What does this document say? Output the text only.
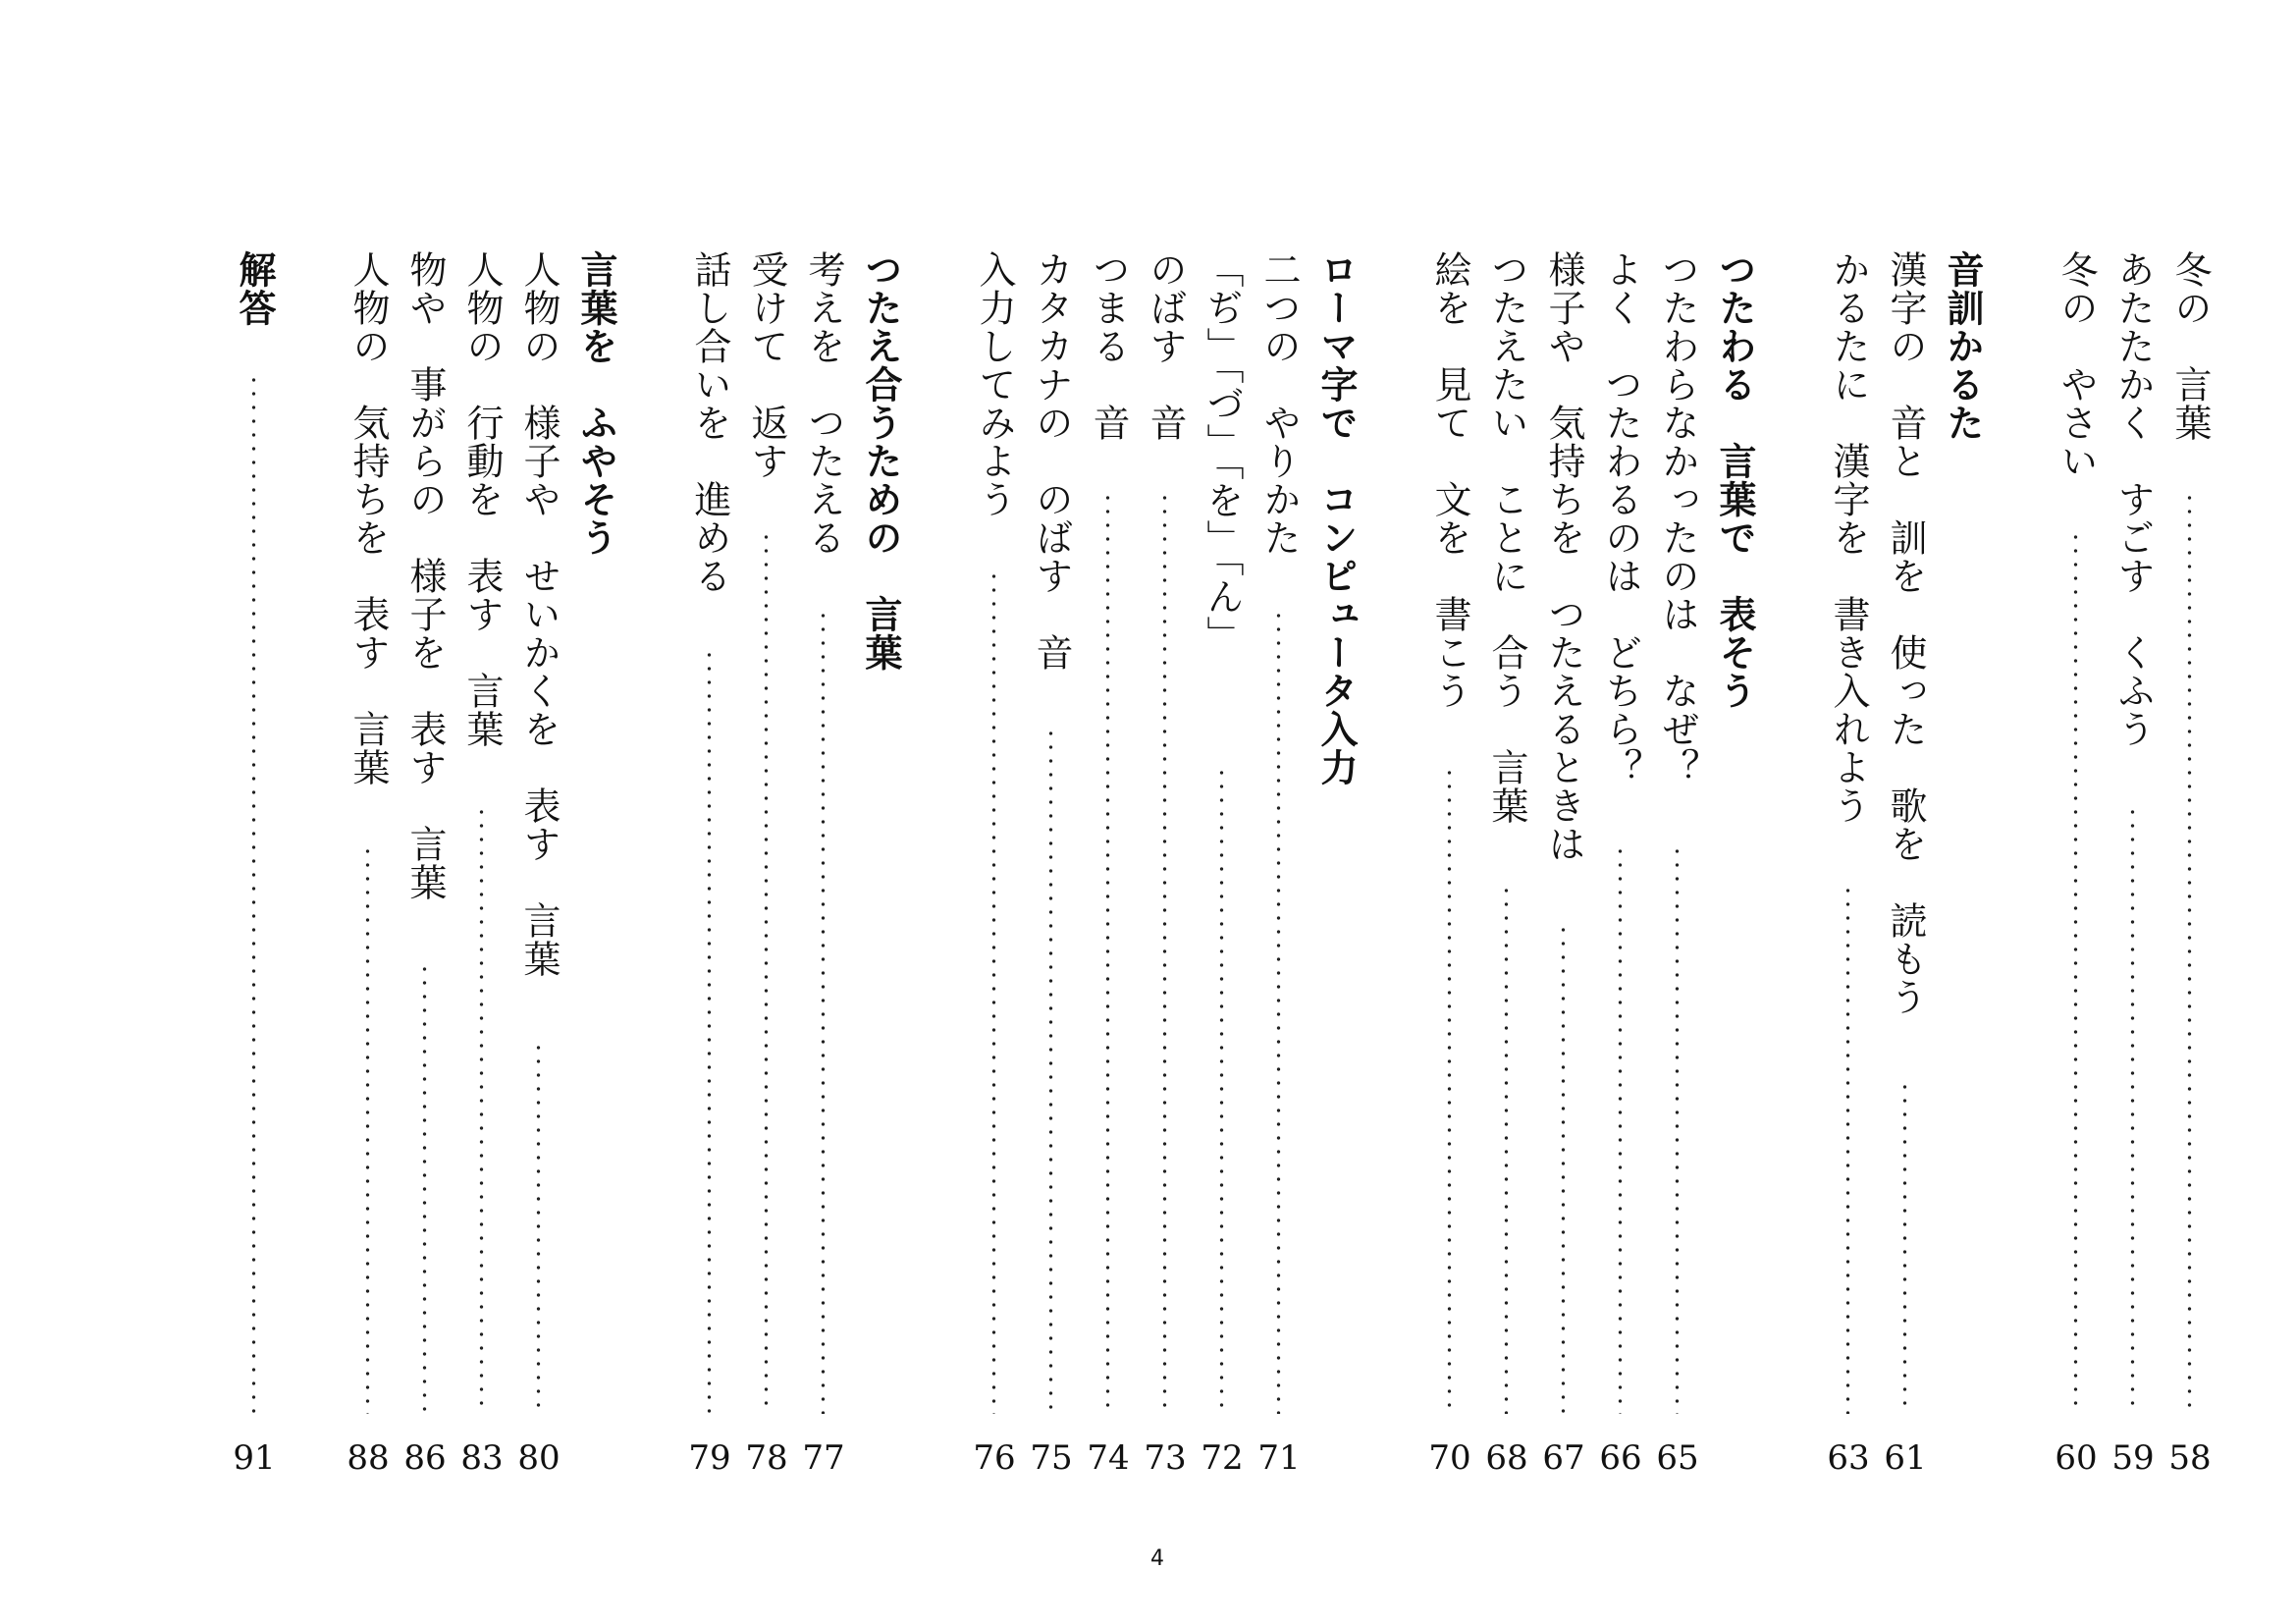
冬の　言葉
58
あたたかく　すごす　くふう
59
冬の　やさい
60
音訓かるた
漢字の　音と　訓を　使った　歌を　読もう
61
かるたに　漢字を　書き入れよう
63
つたわる　言葉で　表そう
つたわらなかったのは　なぜ？
65
よく　つたわるのは　どちら？
66
様子や　気持ちを　つたえるときは
67
つたえたい　ことに　合う　言葉
68
絵を　見て　文を　書こう
70
ローマ字で　コンピュータ入力
二つの　やりかた
71
「ぢ」「づ」「を」「ん」
72
のばす　音
73
つまる　音
74
カタカナの　のばす　音
75
入力してみよう
76
つたえ合うための　言葉
考えを　つたえる
77
受けて　返す
78
話し合いを　進める
79
言葉を　ふやそう
人物の　様子や　せいかくを　表す　言葉
80
人物の　行動を　表す　言葉
83
物や　事がらの　様子を　表す　言葉
86
人物の　気持ちを　表す　言葉
88
解答
91
4
